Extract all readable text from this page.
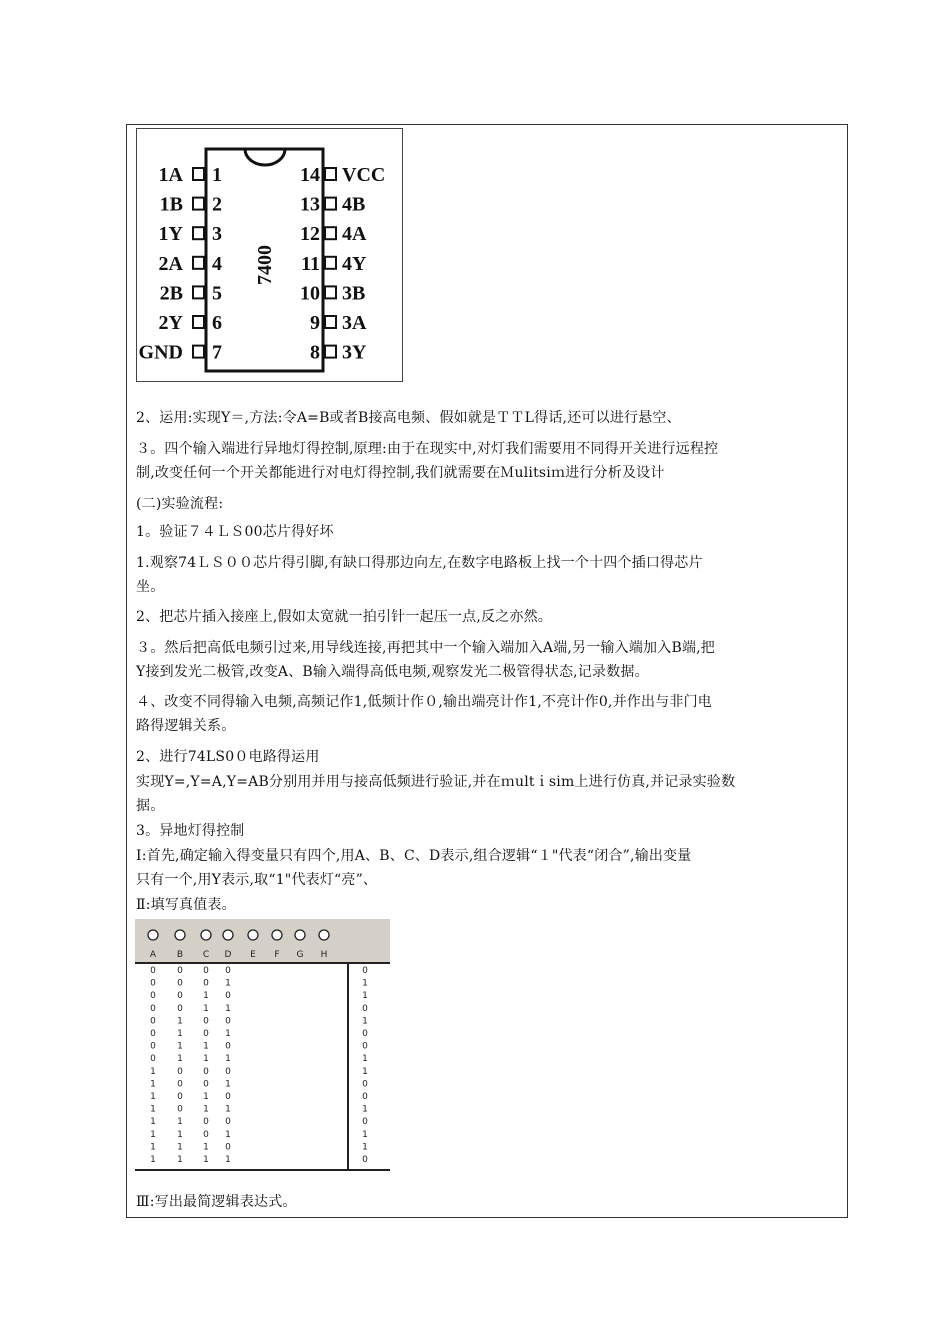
7400
1A 1
1B 2
1Y 3
2A 4
2B 5
2Y 6
GND 7
14 VCC
13 4B
12 4A
11 4Y
10 3B
9 3A
8 3Y
2、运用:实现Y＝,方法:令A=B或者B接高电频、假如就是ＴＴL得话,还可以进行悬空、
３。四个输入端进行异地灯得控制,原理:由于在现实中,对灯我们需要用不同得开关进行远程控
制,改变任何一个开关都能进行对电灯得控制,我们就需要在Ｍulitsiｍ进行分析及设计
(二)实验流程:
1。验证７４ＬＳ00芯片得好坏
1.观察74ＬＳ００芯片得引脚,有缺口得那边向左,在数字电路板上找一个十四个插口得芯片
坐。
2、把芯片插入接座上,假如太宽就一拍引针一起压一点,反之亦然。
３。然后把高低电频引过来,用导线连接,再把其中一个输入端加入A端,另一输入端加入B端,把
Y接到发光二极管,改变A、B输入端得高低电频,观察发光二极管得状态,记录数据。
４、改变不同得输入电频,高频记作1,低频计作０,输出端亮计作1,不亮计作0,并作出与非门电
路得逻辑关系。
2、进行74LS0０电路得运用
实现Y=,Y=A,Y=AB分别用并用与接高低频进行验证,并在ｍultｉsim上进行仿真,并记录实验数
据。
3。异地灯得控制
Ⅰ:首先,确定输入得变量只有四个,用A、B、C、D表示,组合逻辑“１"代表“闭合”,输出变量
只有一个,用Y表示,取“1"代表灯“亮”、
Ⅱ:填写真值表。
A B C D E F G H
0 0 0 0	0
0 0 0 1	1
0 0 1 0	1
0 0 1 1	0
0 1 0 0	1
0 1 0 1	0
0 1 1 0	0
0 1 1 1	1
1 0 0 0	1
1 0 0 1	0
1 0 1 0	0
1 0 1 1	1
1 1 0 0	0
1 1 0 1	1
1 1 1 0	1
1 1 1 1	0
Ⅲ:写出最简逻辑表达式。
